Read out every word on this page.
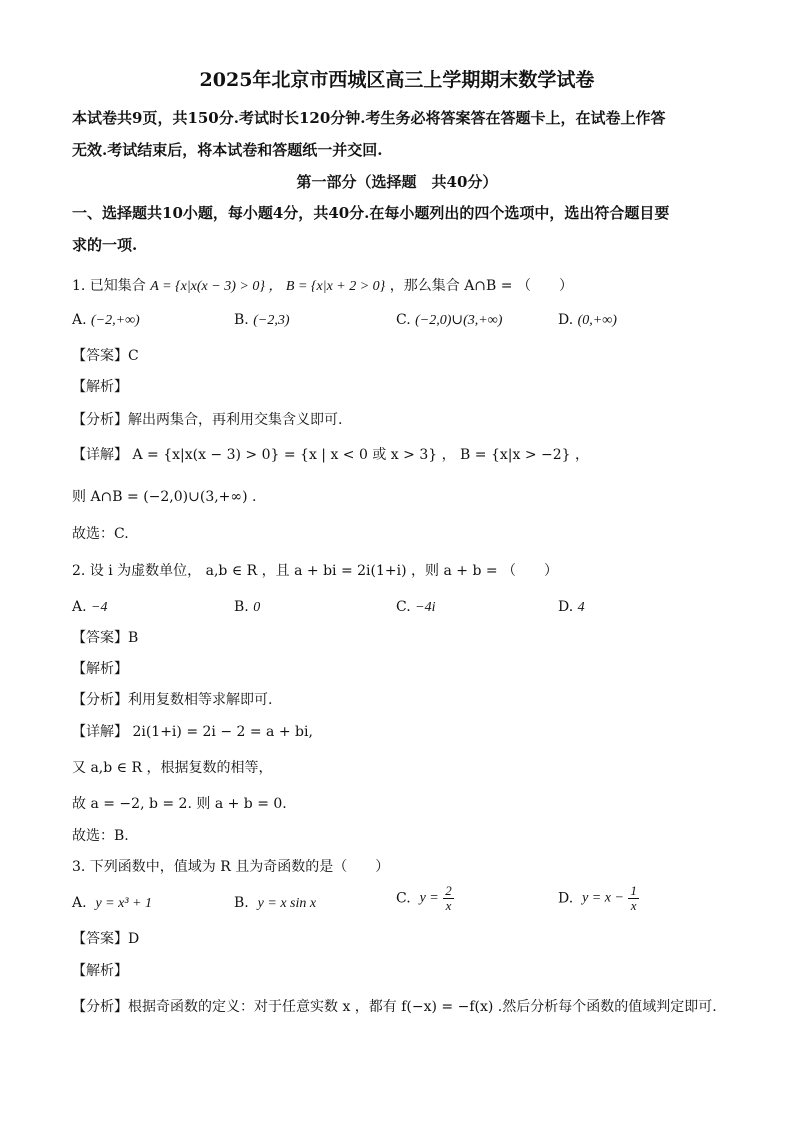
2025年北京市西城区高三上学期期末数学试卷
本试卷共9页，共150分.考试时长120分钟.考生务必将答案答在答题卡上，在试卷上作答
无效.考试结束后，将本试卷和答题纸一并交回.
第一部分（选择题　共40分）
一、选择题共10小题，每小题4分，共40分.在每小题列出的四个选项中，选出符合题目要
求的一项.
1. 已知集合 A = {x|x(x − 3) > 0} ， B = {x|x + 2 > 0} ，那么集合 A∩B = （　　）
A. (−2,+∞)	B. (−2,3)	C. (−2,0)∪(3,+∞)	D. (0,+∞)
【答案】C
【解析】
【分析】解出两集合，再利用交集含义即可.
【详解】 A = {x|x(x − 3) > 0} = {x | x < 0 或 x > 3} ， B = {x|x > −2} ，
则 A∩B = (−2,0)∪(3,+∞) .
故选：C.
2. 设 i 为虚数单位， a,b ∈ R ，且 a + bi = 2i(1+i) ，则 a + b = （　　）
A. −4	B. 0	C. −4i	D. 4
【答案】B
【解析】
【分析】利用复数相等求解即可.
【详解】 2i(1+i) = 2i − 2 = a + bi,
又 a,b ∈ R ，根据复数的相等，
故 a = −2, b = 2. 则 a + b = 0.
故选：B.
3. 下列函数中，值域为 R 且为奇函数的是（　　）
A. y = x³ + 1	B. y = x sin x	C. $y = \frac{2}{x}$	D. $y = x - \frac{1}{x}$
【答案】D
【解析】
【分析】根据奇函数的定义：对于任意实数 x ，都有 f(−x) = −f(x) .然后分析每个函数的值域判定即可.
